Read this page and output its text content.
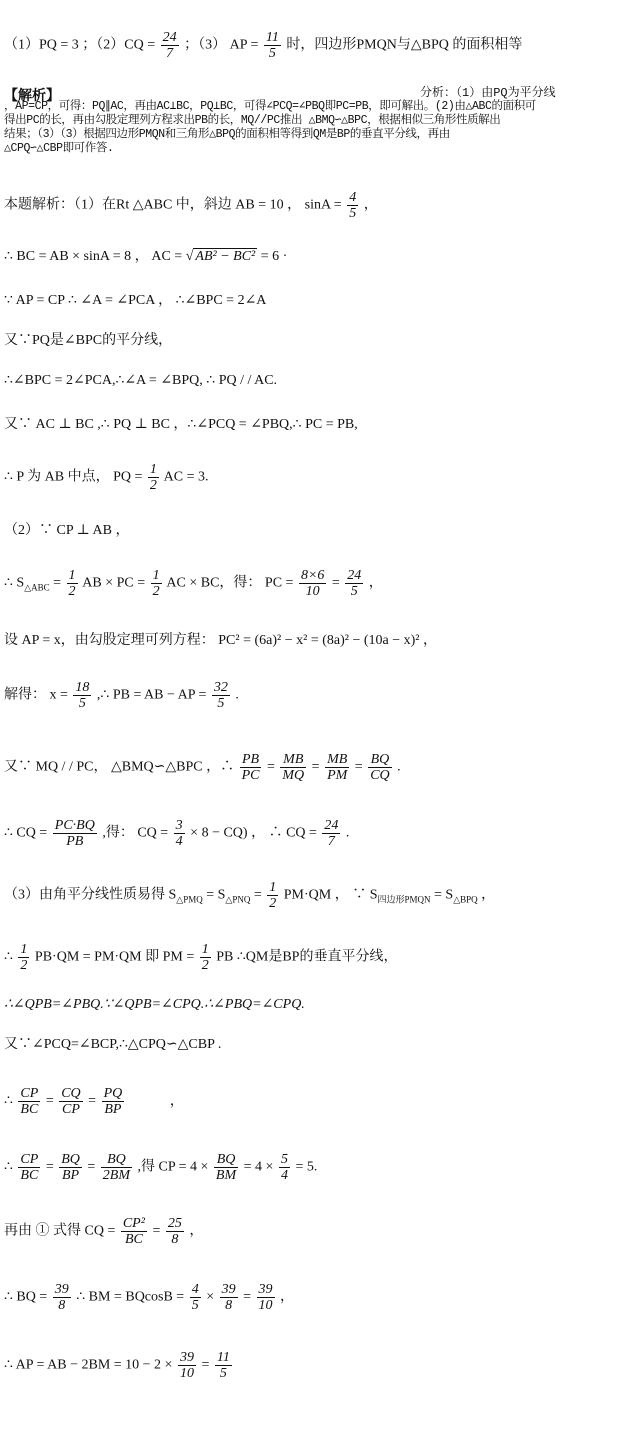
（1）PQ = 3 ；$(2)CQ = \frac{24}{7}$ ；（3） AP = $\frac{11}{5}$ 时，四边形PMQN与△BPQ 的面积相等
【解析】	分析：（1）由PQ为平分线
，AP=CP，可得：PQ∥AC，再由AC⊥BC，PQ⊥BC，可得∠PCQ=∠PBQ即PC=PB，即可解出。(2)由△ABC的面积可
得出PC的长，再由勾股定理列方程求出PB的长，MQ//PC推出 △BMQ∽△BPC，根据相似三角形性质解出
结果；（3）（3）根据四边形PMQN和三角形△BPQ的面积相等得到QM是BP的垂直平分线，再由
△CPQ∽△CBP即可作答.
本题解析：（1）在Rt △ABC 中，斜边 AB = 10 ， $\sin A = \frac{4}{5}$ ，
∴ BC = AB × sinA = 8 ， AC = √ AB² − BC² = 6 ·
∵ AP = CP ∴ ∠A = ∠PCA ， ∴∠BPC = 2∠A
又∵PQ是∠BPC的平分线，
∴∠BPC = 2∠PCA,∴∠A = ∠BPQ, ∴ PQ / / AC.
又∵ AC ⊥ BC ,∴ PQ ⊥ BC ，∴∠PCQ = ∠PBQ,∴ PC = PB,
∴ P 为 AB 中点， PQ = $\frac{1}{2}$ AC = 3.
（2）∵ CP ⊥ AB ，
∴ $S_{\triangle ABC} = \frac{1}{2}$ AB × PC = $\frac{1}{2}$ AC × BC，得： PC = $\frac{8\times 6}{10} = \frac{24}{5}$ ，
设 AP = x，由勾股定理可列方程： PC² = (6a)² − x² = (8a)² − (10a − x)² ，
解得： $x = \frac{18}{5}$ ,∴ PB = AB − AP = $\frac{32}{5}$ .
又∵ MQ / / PC， △BMQ∽△BPC ，∴ $\frac{PB}{PC} = \frac{MB}{MQ} = \frac{MB}{PM} = \frac{BQ}{CQ}$ .
∴ CQ = $\frac{PC\cdot BQ}{PB}$ ,得： CQ = $\frac{3}{4} \times 8 - CQ$) ， ∴ CQ = $\frac{24}{7}$ .
（3）由角平分线性质易得 $S_{\triangle PMQ} = S_{\triangle PNQ} = \frac{1}{2} PM\cdot QM$ ， ∵ $S_{四边形PMQN} = S_{\triangle BPQ}$ ，
∴ $\frac{1}{2} PB\cdot QM = PM\cdot QM$ 即 PM = $\frac{1}{2}$ PB ∴QM是BP的垂直平分线，
∴∠QPB=∠PBQ.∵∠QPB=∠CPQ.∴∠PBQ=∠CPQ.
又∵∠PCQ=∠BCP,∴△CPQ∽△CBP .
∴ $\frac{CP}{BC} = \frac{CQ}{CP} = \frac{PQ}{BP}$	，
∴ $\frac{CP}{BC} = \frac{BQ}{BP} = \frac{BQ}{2BM}$ ,得 CP = $4 \times \frac{BQ}{BM} = 4 \times \frac{5}{4} = 5$.
再由 ① 式得 CQ = $\frac{\text{CP²}}{BC} = \frac{25}{8}$ ，
∴ BQ = $\frac{39}{8}$ ∴ BM = $BQcosB = \frac{4}{5} \times \frac{39}{8} = \frac{39}{10}$ ，
∴ AP = AB − $2BM = 10 - 2 \times \frac{39}{10} = \frac{11}{5}$
